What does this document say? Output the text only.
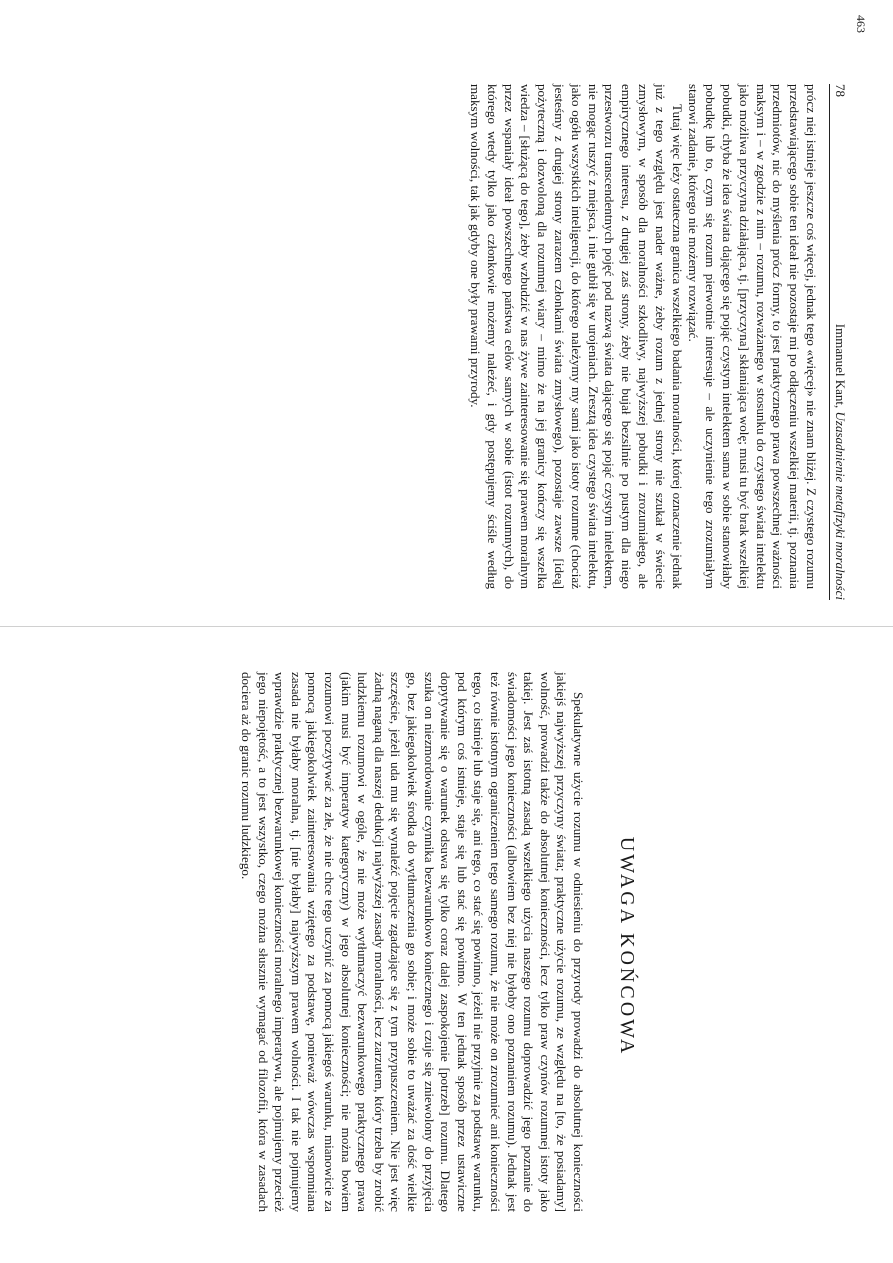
463
78
Immanuel Kant, Uzasadnienie metafizyki moralności

prócz niej istnieje jeszcze coś więcej, jednak tego «więcej» nie znam bliżej. Z czystego rozumu przedstawiającego sobie ten ideał nie pozostaje mi po odłączeniu wszelkiej materii, tj. poznania przedmiotów, nic do myślenia prócz formy, to jest praktycznego prawa powszechnej ważności maksym i – w zgodzie z nim – rozumu, rozważanego w stosunku do czystego świata intelektu jako możliwa przyczyna działająca, tj. [przyczyna] skłaniająca wolę; musi tu być brak wszelkiej pobudki, chyba że idea świata dającego się pojąć czystym intelektem sama w sobie stanowiłaby pobudkę lub to, czym się rozum pierwotnie interesuje – ale uczynienie tego zrozumiałym stanowi zadanie, którego nie możemy rozwiązać.

Tutaj więc leży ostateczna granica wszelkiego badania moralności, której oznaczenie jednak już z tego względu jest nader ważne, żeby rozum z jednej strony nie szukał w świecie zmysłowym, w sposób dla moralności szkodliwy, najwyższej pobudki i zrozumiałego, ale empirycznego interesu, z drugiej zaś strony, żeby nie bujał bezsilnie po pustym dla niego przestworzu transcendentnych pojęć pod nazwą świata dającego się pojąć czystym intelektem, nie mogąc ruszyć z miejsca, i nie gubił się w urojeniach. Zresztą idea czystego świata intelektu, jako ogółu wszystkich inteligencji, do którego należymy my sami jako istoty rozumne (chociaż jesteśmy z drugiej strony zarazem członkami świata zmysłowego), pozostaje zawsze [ideą] pożyteczną i dozwoloną dla rozumnej wiary – mimo że na jej granicy kończy się wszelka wiedza – [służącą do tego], żeby wzbudzić w nas żywe zainteresowanie się prawem moralnym przez wspaniały ideał powszechnego państwa celów samych w sobie (istot rozumnych), do którego wtedy tylko jako członkowie możemy należeć, i gdy postępujemy ściśle według maksym wolności, tak jak gdyby one były prawami przyrody.

UWAGA KOŃCOWA

Spekulatywne użycie rozumu w odniesieniu do przyrody prowadzi do absolutnej konieczności jakiejś najwyższej przyczyny świata; praktyczne użycie rozumu, ze względu na [to, że posiadamy] wolność, prowadzi także do absolutnej konieczności, lecz tylko praw czynów rozumnej istoty jako takiej. Jest zaś istotną zasadą wszelkiego użycia naszego rozumu doprowadzić jego poznanie do świadomości jego konieczności (albowiem bez niej nie byłoby ono poznaniem rozumu). Jednak jest też równie istotnym ograniczeniem tego samego rozumu, że nie może on zrozumieć ani konieczności tego, co istnieje lub staje się, ani tego, co stać się powinno, jeżeli nie przyjmie za podstawę warunku, pod którym coś istnieje, staje się lub stać się powinno. W ten jednak sposób przez ustawiczne dopytywanie się o warunek odsuwa się tylko coraz dalej zaspokojenie [potrzeb] rozumu. Dlatego szuka on niezmordowanie czynnika bezwarunkowo koniecznego i czuje się zniewolony do przyjęcia go, bez jakiegokolwiek środka do wytłumaczenia go sobie; i może sobie to uważać za dość wielkie szczęście, jeżeli uda mu się wynaleźć pojęcie zgadzające się z tym przypuszczeniem. Nie jest więc żadną naganą dla naszej dedukcji najwyższej zasady moralności, lecz zarzutem, który trzeba by zrobić ludzkiemu rozumowi w ogóle, że nie może wytłumaczyć bezwarunkowego praktycznego prawa (jakim musi być imperatyw kategoryczny) w jego absolutnej konieczności; nie można bowiem rozumowi poczytywać za złe, że nie chce tego uczynić za pomocą jakiegoś warunku, mianowicie za pomocą jakiegokolwiek zainteresowania wziętego za podstawę, ponieważ wówczas wspomniana zasada nie byłaby moralna, tj. [nie byłaby] najwyższym prawem wolności. I tak nie pojmujemy wprawdzie praktycznej bezwarunkowej konieczności moralnego imperatywu, ale pojmujemy przecież jego niepojętość, a to jest wszystko, czego można słusznie wymagać od filozofii, która w zasadach dociera aż do granic rozumu ludzkiego.
